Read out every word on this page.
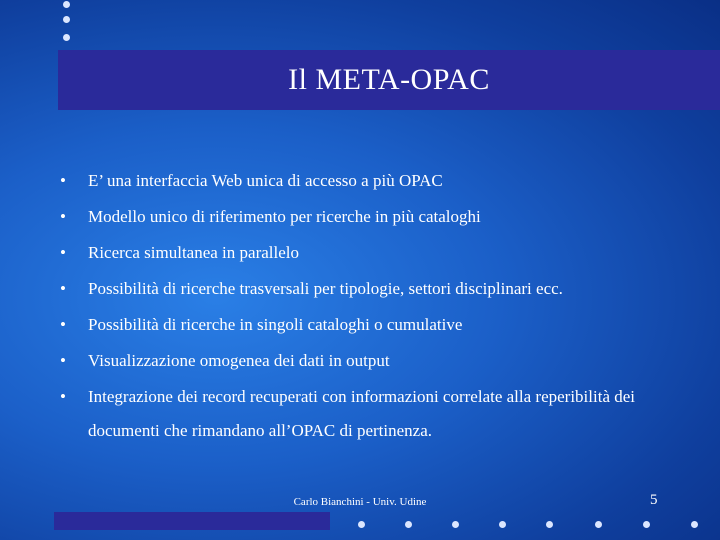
Il META-OPAC
•	E’ una interfaccia Web unica di accesso a più OPAC
•	Modello unico di riferimento per ricerche in più cataloghi
•	Ricerca simultanea in parallelo
•	Possibilità di ricerche trasversali per tipologie, settori disciplinari ecc.
•	Possibilità di ricerche in singoli cataloghi o cumulative
•	Visualizzazione omogenea dei dati in output
•	Integrazione dei record recuperati con informazioni correlate alla reperibilità dei documenti che rimandano all’OPAC di pertinenza.
Carlo Bianchini - Univ. Udine	5
